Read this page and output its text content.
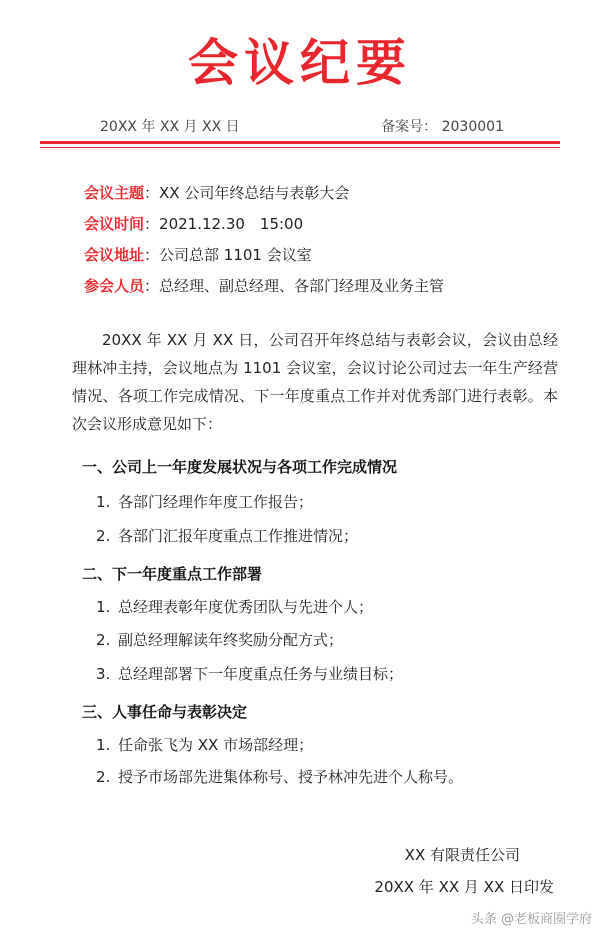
会议纪要
20XX 年 XX 月 XX 日	备案号： 2030001
会议主题：XX 公司年终总结与表彰大会
会议时间：2021.12.30　15:00
会议地址：公司总部 1101 会议室
参会人员：总经理、副总经理、各部门经理及业务主管
20XX 年 XX 月 XX 日，公司召开年终总结与表彰会议，会议由总经理林冲主持，会议地点为 1101 会议室，会议讨论公司过去一年生产经营情况、各项工作完成情况、下一年度重点工作并对优秀部门进行表彰。本次会议形成意见如下：
一、公司上一年度发展状况与各项工作完成情况
1. 各部门经理作年度工作报告；
2. 各部门汇报年度重点工作推进情况；
二、下一年度重点工作部署
1. 总经理表彰年度优秀团队与先进个人；
2. 副总经理解读年终奖励分配方式；
3. 总经理部署下一年度重点任务与业绩目标；
三、人事任命与表彰决定
1. 任命张飞为 XX 市场部经理；
2. 授予市场部先进集体称号、授予林冲先进个人称号。
XX 有限责任公司
20XX 年 XX 月 XX 日印发
头条 @老板商圈学府
